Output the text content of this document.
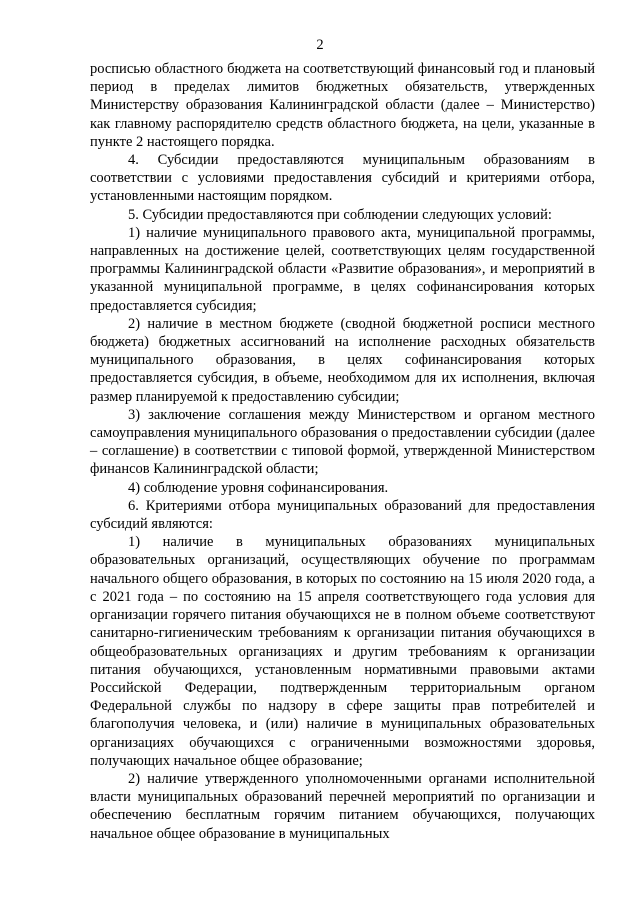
2

росписью областного бюджета на соответствующий финансовый год и плановый период в пределах лимитов бюджетных обязательств, утвержденных Министерству образования Калининградской области (далее – Министерство) как главному распорядителю средств областного бюджета, на цели, указанные в пункте 2 настоящего порядка.

4. Субсидии предоставляются муниципальным образованиям в соответствии с условиями предоставления субсидий и критериями отбора, установленными настоящим порядком.

5. Субсидии предоставляются при соблюдении следующих условий:

1) наличие муниципального правового акта, муниципальной программы, направленных на достижение целей, соответствующих целям государственной программы Калининградской области «Развитие образования», и мероприятий в указанной муниципальной программе, в целях софинансирования которых предоставляется субсидия;

2) наличие в местном бюджете (сводной бюджетной росписи местного бюджета) бюджетных ассигнований на исполнение расходных обязательств муниципального образования, в целях софинансирования которых предоставляется субсидия, в объеме, необходимом для их исполнения, включая размер планируемой к предоставлению субсидии;

3) заключение соглашения между Министерством и органом местного самоуправления муниципального образования о предоставлении субсидии (далее – соглашение) в соответствии с типовой формой, утвержденной Министерством финансов Калининградской области;

4) соблюдение уровня софинансирования.

6. Критериями отбора муниципальных образований для предоставления субсидий являются:

1) наличие в муниципальных образованиях муниципальных образовательных организаций, осуществляющих обучение по программам начального общего образования, в которых по состоянию на 15 июля 2020 года, а с 2021 года – по состоянию на 15 апреля соответствующего года условия для организации горячего питания обучающихся не в полном объеме соответствуют санитарно-гигиеническим требованиям к организации питания обучающихся в общеобразовательных организациях и другим требованиям к организации питания обучающихся, установленным нормативными правовыми актами Российской Федерации, подтвержденным территориальным органом Федеральной службы по надзору в сфере защиты прав потребителей и благополучия человека, и (или) наличие в муниципальных образовательных организациях обучающихся с ограниченными возможностями здоровья, получающих начальное общее образование;

2) наличие утвержденного уполномоченными органами исполнительной власти муниципальных образований перечней мероприятий по организации и обеспечению бесплатным горячим питанием обучающихся, получающих начальное общее образование в муниципальных
